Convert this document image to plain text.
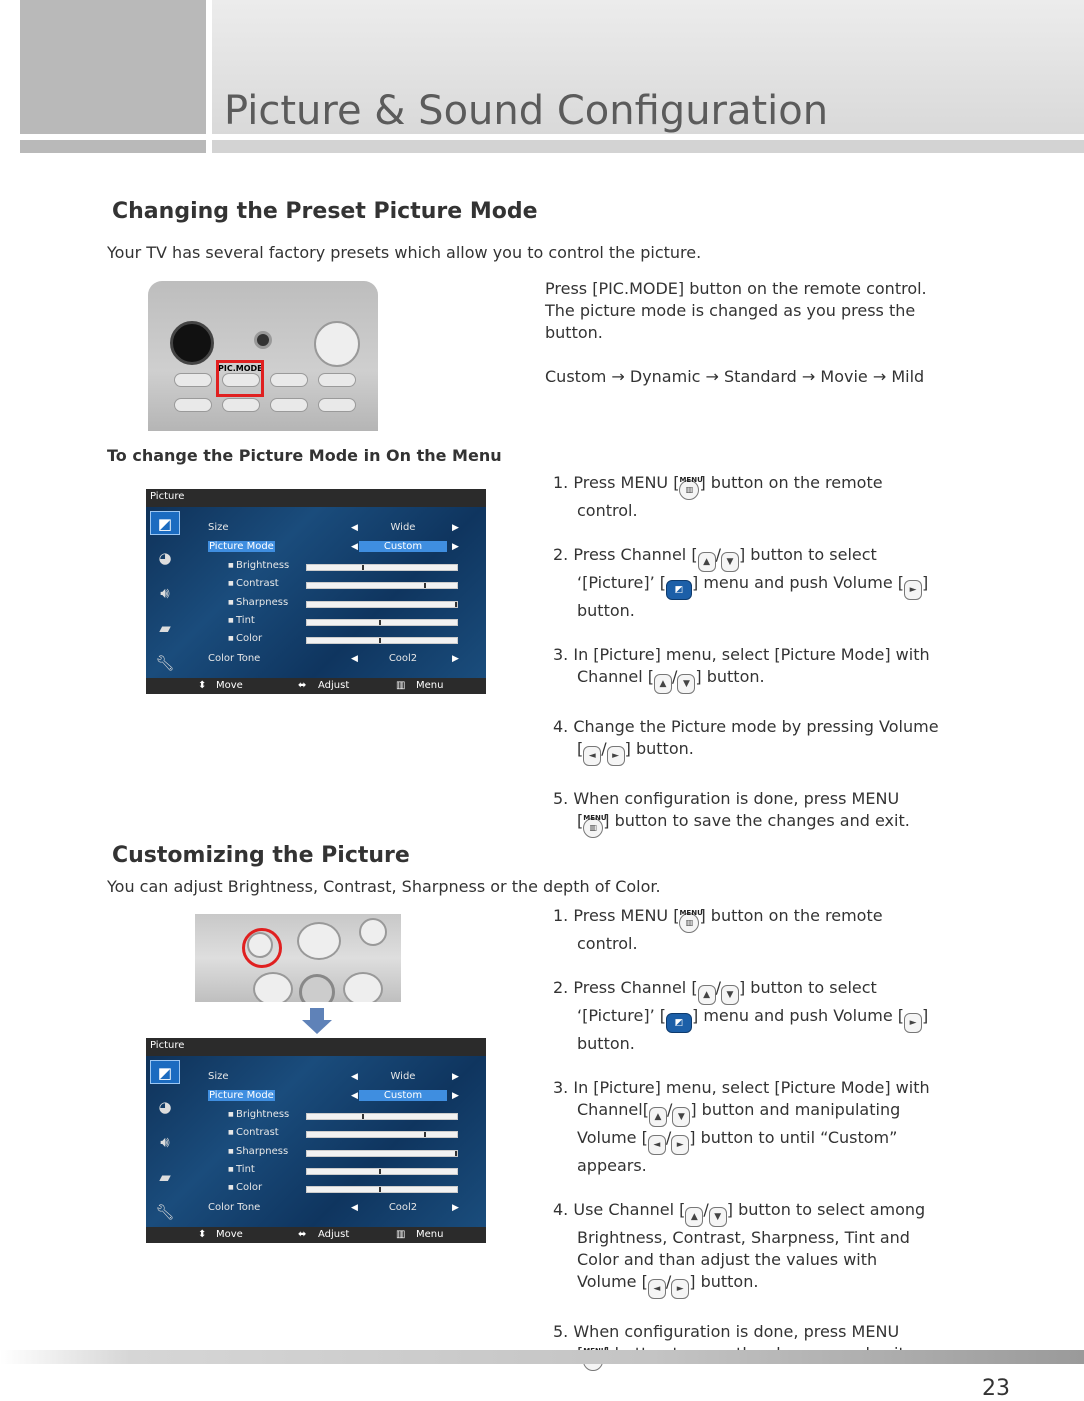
Picture & Sound Configuration
Changing the Preset Picture Mode
Your TV has several factory presets which allow you to control the picture.
PIC.MODE
Press [PIC.MODE] button on the remote control.
The picture mode is changed as you press the
button.
Custom → Dynamic → Standard → Movie → Mild
To change the Picture Mode in On the Menu
Picture
◩
◕
🔊︎
▰
🔧︎
Size	◀	Wide	▶
Picture Mode	◀	Custom	▶
■ Brightness
■ Contrast
■ Sharpness
■ Tint
■ Color
Color Tone	◀	Cool2	▶
⬍ Move	⬌ Adjust	▥ Menu
1. Press MENU [ MENU ▥ ] button on the remote
control.
2. Press Channel [ ▲ / ▼ ] button to select
‘[Picture]’ [ ◩ ] menu and push Volume [ ► ]
button.
3. In [Picture] menu, select [Picture Mode] with
Channel [ ▲ / ▼ ] button.
4. Change the Picture mode by pressing Volume
[ ◄ / ► ] button.
5. When configuration is done, press MENU
[ MENU ▥ ] button to save the changes and exit.
Customizing the Picture
You can adjust Brightness, Contrast, Sharpness or the depth of Color.
Picture
◩
◕
🔊︎
▰
🔧︎
Size	◀	Wide	▶
Picture Mode	◀	Custom	▶
■ Brightness
■ Contrast
■ Sharpness
■ Tint
■ Color
Color Tone	◀	Cool2	▶
⬍ Move	⬌ Adjust	▥ Menu
1. Press MENU [ MENU ▥ ] button on the remote
control.
2. Press Channel [ ▲ / ▼ ] button to select
‘[Picture]’ [ ◩ ] menu and push Volume [ ► ]
button.
3. In [Picture] menu, select [Picture Mode] with
Channel[ ▲ / ▼ ] button and manipulating
Volume [ ◄ / ► ] button to until “Custom”
appears.
4. Use Channel [ ▲ / ▼ ] button to select among
Brightness, Contrast, Sharpness, Tint and
Color and than adjust the values with
Volume [ ◄ / ► ] button.
5. When configuration is done, press MENU
MENU
23
